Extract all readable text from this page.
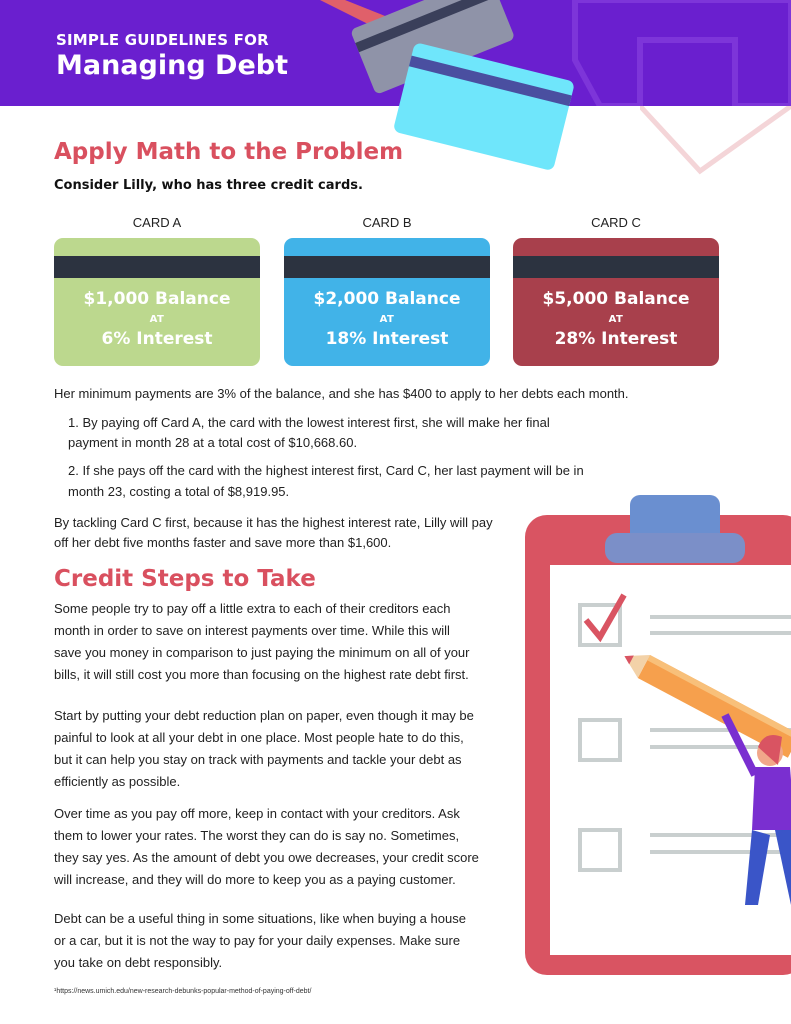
SIMPLE GUIDELINES FOR
Managing Debt
Apply Math to the Problem
Consider Lilly, who has three credit cards.
CARD A	CARD B	CARD C
$1,000 Balance
AT
6% Interest
$2,000 Balance
AT
18% Interest
$5,000 Balance
AT
28% Interest
Her minimum payments are 3% of the balance, and she has $400 to apply to her debts each month.
1. By paying off Card A, the card with the lowest interest first, she will make her final
payment in month 28 at a total cost of $10,668.60.
2. If she pays off the card with the highest interest first, Card C, her last payment will be in
month 23, costing a total of $8,919.95.
By tackling Card C first, because it has the highest interest rate, Lilly will pay
off her debt five months faster and save more than $1,600.
Credit Steps to Take
Some people try to pay off a little extra to each of their creditors each
month in order to save on interest payments over time. While this will
save you money in comparison to just paying the minimum on all of your
bills, it will still cost you more than focusing on the highest rate debt first.
Start by putting your debt reduction plan on paper, even though it may be
painful to look at all your debt in one place. Most people hate to do this,
but it can help you stay on track with payments and tackle your debt as
efficiently as possible.
Over time as you pay off more, keep in contact with your creditors. Ask
them to lower your rates. The worst they can do is say no. Sometimes,
they say yes. As the amount of debt you owe decreases, your credit score
will increase, and they will do more to keep you as a paying customer.
Debt can be a useful thing in some situations, like when buying a house
or a car, but it is not the way to pay for your daily expenses. Make sure
you take on debt responsibly.
¹https://news.umich.edu/new-research-debunks-popular-method-of-paying-off-debt/
